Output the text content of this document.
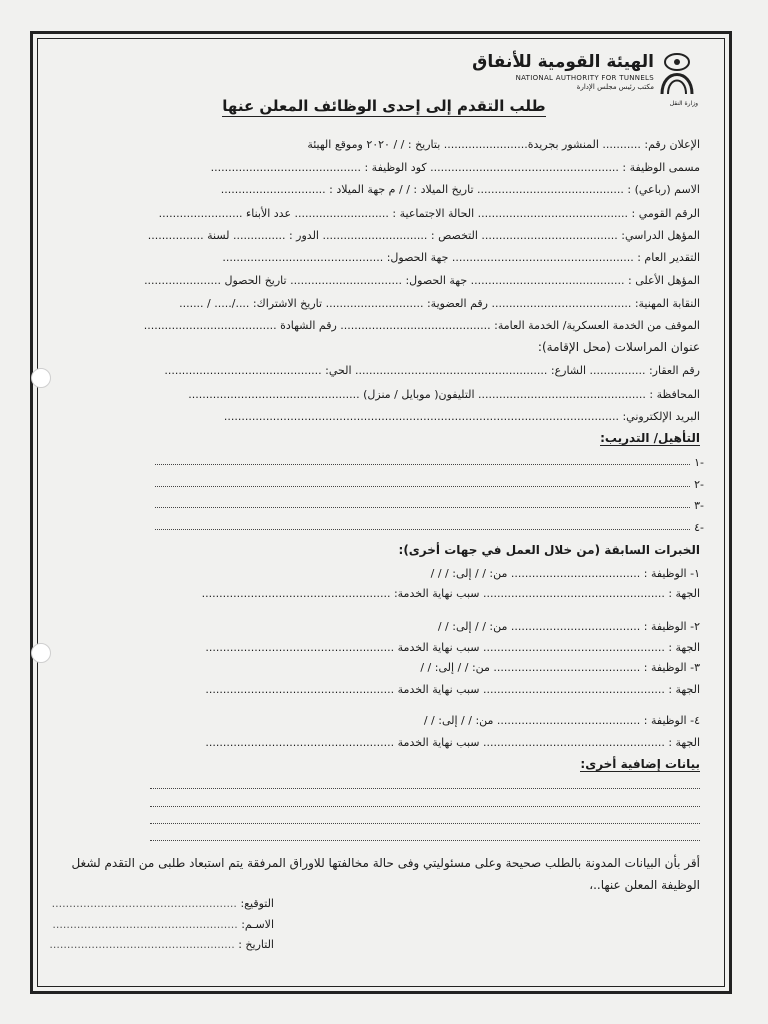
الهيئة القومية للأنفاق
NATIONAL AUTHORITY FOR TUNNELS
مكتب رئيس مجلس الإدارة
وزارة النقل
طلب التقدم إلى إحدى الوظائف المعلن عنها
الإعلان رقم: ........... المنشور بجريدة........................ بتاريخ : / / ٢٠٢٠ وموقع الهيئة
مسمى الوظيفة : ...................................................... كود الوظيفة : ...........................................
الاسم (رباعي) : .......................................... تاريخ الميلاد : / / م جهة الميلاد : ..............................
الرقم القومي : ........................................... الحالة الاجتماعية : ........................... عدد الأبناء ........................
المؤهل الدراسي: ....................................... التخصص : .............................. الدور : ............... لسنة ................
التقدير العام : .................................................... جهة الحصول: ..............................................
المؤهل الأعلى : ............................................ جهة الحصول: ................................ تاريخ الحصول ......................
النقابة المهنية: ........................................ رقم العضوية: ............................ تاريخ الاشتراك: ..../..... / .......
الموقف من الخدمة العسكرية/ الخدمة العامة: ........................................... رقم الشهادة ......................................
عنوان المراسلات (محل الإقامة):
رقم العقار: ................ الشارع: ....................................................... الحي: .............................................
المحافظة : ................................................ التليفون( موبايل / منزل) .................................................
البريد الإلكتروني: .................................................................................................................
التأهيل/ التدريب:
-١
-٢
-٣
-٤
الخبرات السابقة (من خلال العمل في جهات أخرى):
١- الوظيفة : ..................................... من: / / إلى: / / /
الجهة : .................................................... سبب نهاية الخدمة: ......................................................
٢- الوظيفة : ..................................... من: / / إلى: / /
الجهة : .................................................... سبب نهاية الخدمة ......................................................
٣- الوظيفة : .......................................... من: / / إلى: / /
الجهة : .................................................... سبب نهاية الخدمة ......................................................
٤- الوظيفة : ......................................... من: / / إلى: / /
الجهة : .................................................... سبب نهاية الخدمة ......................................................
بيانات إضافية أخرى:
أقر بأن البيانات المدونة بالطلب صحيحة وعلى مسئوليتي وفى حالة مخالفتها للاوراق المرفقة يتم استبعاد طلبى من التقدم لشغل الوظيفة المعلن عنها..،
التوقيع: .....................................................
الاسـم: .....................................................
التاريخ : .....................................................
